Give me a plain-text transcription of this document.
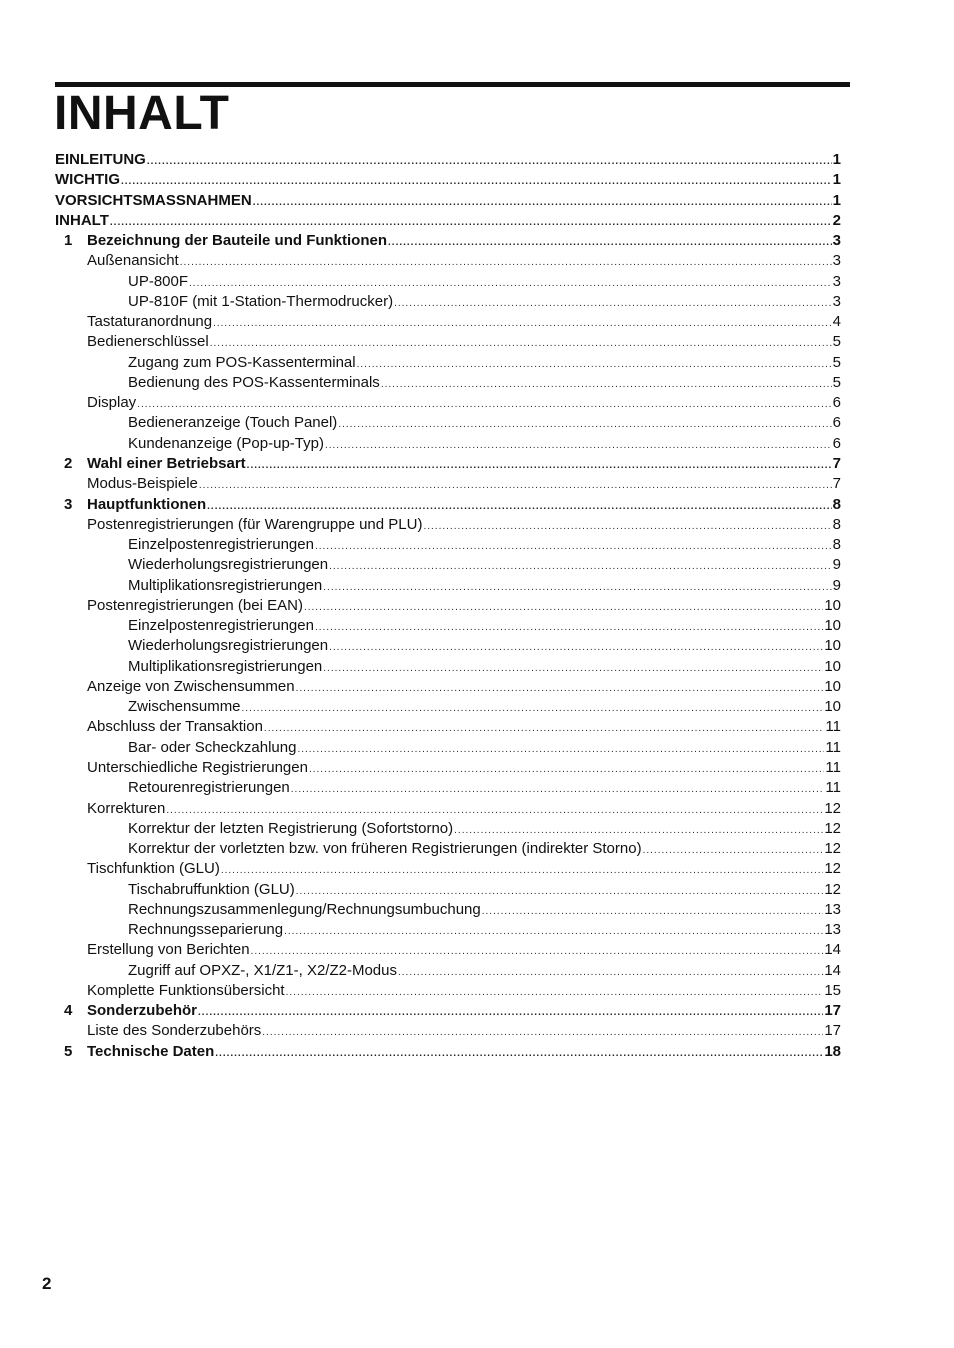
INHALT
EINLEITUNG .....	1
WICHTIG .....	1
VORSICHTSMASSNAHMEN .....	1
INHALT .....	2
1 Bezeichnung der Bauteile und Funktionen .....	3
Außenansicht .....	3
UP-800F .....	3
UP-810F (mit 1-Station-Thermodrucker) .....	3
Tastaturanordnung .....	4
Bedienerschlüssel .....	5
Zugang zum POS-Kassenterminal .....	5
Bedienung des POS-Kassenterminals .....	5
Display .....	6
Bedieneranzeige (Touch Panel) .....	6
Kundenanzeige (Pop-up-Typ) .....	6
2 Wahl einer Betriebsart .....	7
Modus-Beispiele .....	7
3 Hauptfunktionen .....	8
Postenregistrierungen (für Warengruppe und PLU) .....	8
Einzelpostenregistrierungen .....	8
Wiederholungsregistrierungen .....	9
Multiplikationsregistrierungen .....	9
Postenregistrierungen (bei EAN) .....	10
Einzelpostenregistrierungen .....	10
Wiederholungsregistrierungen .....	10
Multiplikationsregistrierungen .....	10
Anzeige von Zwischensummen .....	10
Zwischensumme .....	10
Abschluss der Transaktion .....	11
Bar- oder Scheckzahlung .....	11
Unterschiedliche Registrierungen .....	11
Retourenregistrierungen .....	11
Korrekturen .....	12
Korrektur der letzten Registrierung (Sofortstorno) .....	12
Korrektur der vorletzten bzw. von früheren Registrierungen (indirekter Storno) .....	12
Tischfunktion (GLU) .....	12
Tischabruffunktion (GLU) .....	12
Rechnungszusammenlegung/Rechnungsumbuchung .....	13
Rechnungsseparierung .....	13
Erstellung von Berichten .....	14
Zugriff auf OPXZ-, X1/Z1-, X2/Z2-Modus .....	14
Komplette Funktionsübersicht .....	15
4 Sonderzubehör .....	17
Liste des Sonderzubehörs .....	17
5 Technische Daten .....	18
2
